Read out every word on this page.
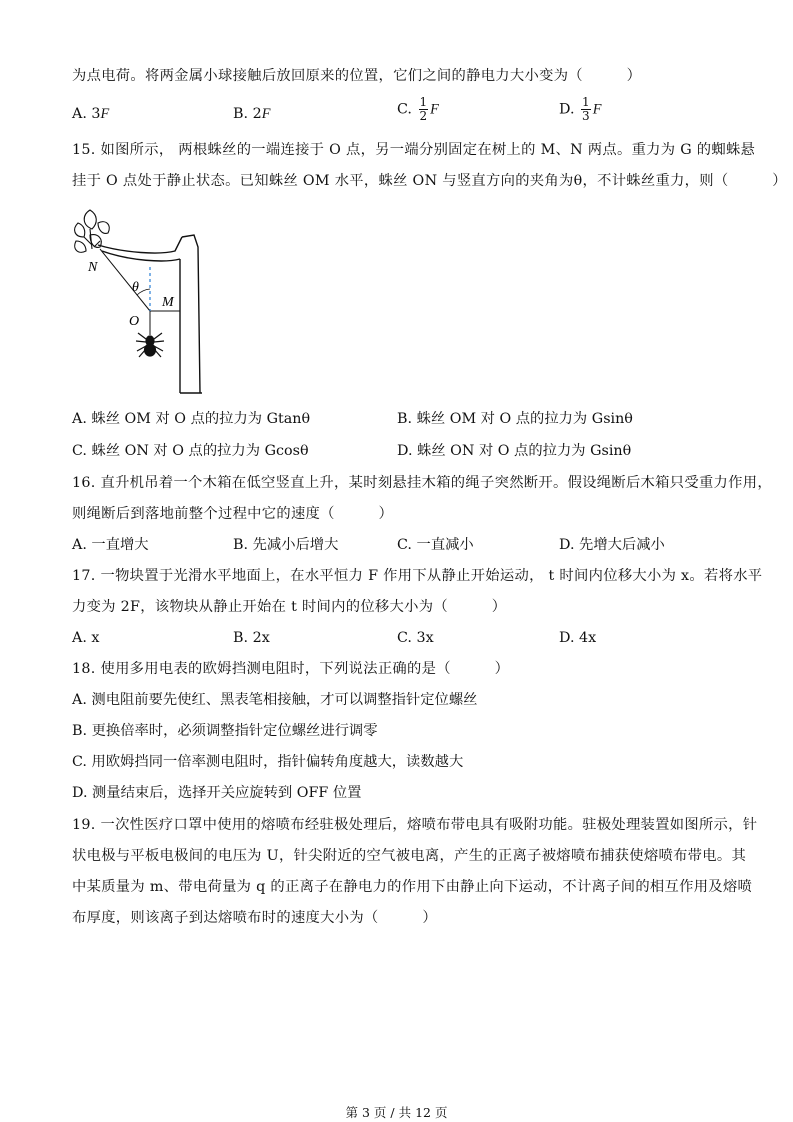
为点电荷。将两金属小球接触后放回原来的位置，它们之间的静电力大小变为（　　　）
A. 3F	B. 2F	C. $\frac{1}{2}$ F	D. $\frac{1}{3}$ F
15. 如图所示， 两根蛛丝的一端连接于 O 点，另一端分别固定在树上的 M、N 两点。重力为 G 的蜘蛛悬
挂于 O 点处于静止状态。已知蛛丝 OM 水平，蛛丝 ON 与竖直方向的夹角为θ，不计蛛丝重力，则（　　　）
N
θ
M
O
A. 蛛丝 OM 对 O 点的拉力为 Gtanθ	B. 蛛丝 OM 对 O 点的拉力为 Gsinθ
C. 蛛丝 ON 对 O 点的拉力为 Gcosθ	D. 蛛丝 ON 对 O 点的拉力为 Gsinθ
16. 直升机吊着一个木箱在低空竖直上升，某时刻悬挂木箱的绳子突然断开。假设绳断后木箱只受重力作用，
则绳断后到落地前整个过程中它的速度（　　　）
A. 一直增大	B. 先减小后增大	C. 一直减小	D. 先增大后减小
17. 一物块置于光滑水平地面上，在水平恒力 F 作用下从静止开始运动， t 时间内位移大小为 x。若将水平
力变为 2F，该物块从静止开始在 t 时间内的位移大小为（　　　）
A. x	B. 2x	C. 3x	D. 4x
18. 使用多用电表的欧姆挡测电阻时，下列说法正确的是（　　　）
A. 测电阻前要先使红、黑表笔相接触，才可以调整指针定位螺丝
B. 更换倍率时，必须调整指针定位螺丝进行调零
C. 用欧姆挡同一倍率测电阻时，指针偏转角度越大，读数越大
D. 测量结束后，选择开关应旋转到 OFF 位置
19. 一次性医疗口罩中使用的熔喷布经驻极处理后，熔喷布带电具有吸附功能。驻极处理装置如图所示，针
状电极与平板电极间的电压为 U，针尖附近的空气被电离，产生的正离子被熔喷布捕获使熔喷布带电。其
中某质量为 m、带电荷量为 q 的正离子在静电力的作用下由静止向下运动，不计离子间的相互作用及熔喷
布厚度，则该离子到达熔喷布时的速度大小为（　　　）
第 3 页 / 共 12 页
